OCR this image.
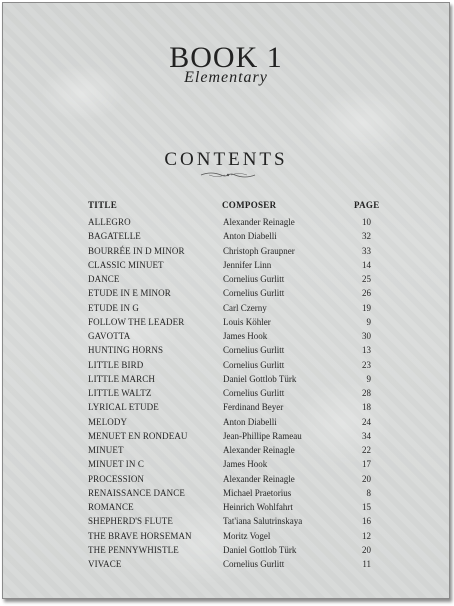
BOOK 1
Elementary
CONTENTS
TITLE	COMPOSER	PAGE
ALLEGRO	Alexander Reinagle	10
BAGATELLE	Anton Diabelli	32
BOURRÉE IN D MINOR	Christoph Graupner	33
CLASSIC MINUET	Jennifer Linn	14
DANCE	Cornelius Gurlitt	25
ETUDE IN E MINOR	Cornelius Gurlitt	26
ETUDE IN G	Carl Czerny	19
FOLLOW THE LEADER	Louis Köhler	9
GAVOTTA	James Hook	30
HUNTING HORNS	Cornelius Gurlitt	13
LITTLE BIRD	Cornelius Gurlitt	23
LITTLE MARCH	Daniel Gottlob Türk	9
LITTLE WALTZ	Cornelius Gurlitt	28
LYRICAL ETUDE	Ferdinand Beyer	18
MELODY	Anton Diabelli	24
MENUET EN RONDEAU	Jean-Phillipe Rameau	34
MINUET	Alexander Reinagle	22
MINUET IN C	James Hook	17
PROCESSION	Alexander Reinagle	20
RENAISSANCE DANCE	Michael Praetorius	8
ROMANCE	Heinrich Wohlfahrt	15
SHEPHERD'S FLUTE	Tat'iana Salutrinskaya	16
THE BRAVE HORSEMAN	Moritz Vogel	12
THE PENNYWHISTLE	Daniel Gottlob Türk	20
VIVACE	Cornelius Gurlitt	11
